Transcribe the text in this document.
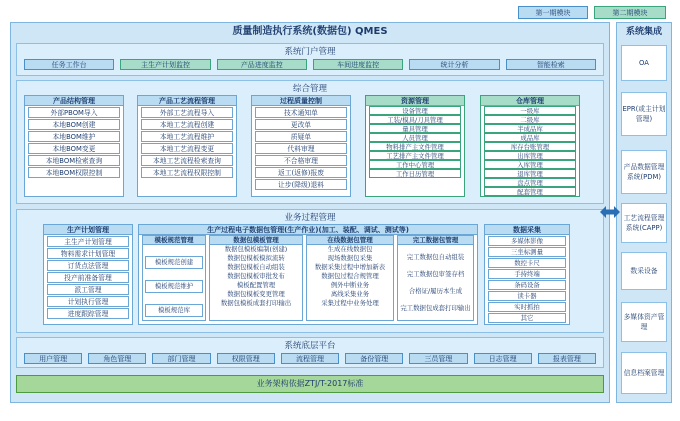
第一期模块	第二期模块
质量制造执行系统(数据包) QMES
系统门户管理
任务工作台	主生产计划监控	产品进度监控	车间进度监控	统计分析	智能检索
综合管理
产品结构管理
外部PBOM导入
本地BOM创建
本地BOM维护
本地BOM变更
本地BOM检索查询
本地BOM权限控制
产品工艺流程管理
外部工艺流程导入
本地工艺流程创建
本地工艺流程维护
本地工艺流程变更
本地工艺流程检索查询
本地工艺流程权限控制
过程质量控制
技术通知单
更改单
质疑单
代料审理
不合格审理
返工(返修)报废
让步(降级)退料
资源管理
设备管理
工装/模具/刀具管理
量具管理
人员管理
物料排产主文件管理
工艺排产主文件管理
工作中心管理
工作日历管理
仓库管理
一级库
二级库
半成品库
成品库
库存台账管理
出库管理
入库管理
退库管理
盘点管理
配套管理
业务过程管理
生产计划管理
主生产计划管理
物料需求计划管理
订货点法管理
投产前准备管理
派工管理
计划执行管理
进度跟踪管理
生产过程电子数据包管理(生产作业)(加工、装配、调试、测试等)
模板规范管理
模板规范创建
模板规范维护
模板规范库
数据包模板管理
数据包模板编制(创建)
数据包模板模拟流转
数据包模板自动组装
数据包模板审批发布
模板配置管理
数据包模板变更管理
数据包模板成套打印输出
在线数据包管理
生成在线数据包
现场数据包采集
数据采集过程中增加新表
数据包过程合规管理
例外中断业务
离线采集业务
采集过程中业务处理
完工数据包管理
完工数据包自动组装
完工数据包审签存档
合格证/履历本生成
完工数据包成套打印输出
数据采集
多媒体影像
三坐标测量
数控卡尺
手持终端
条码设备
读卡器
实时抓拍
其它
系统底层平台
用户管理	角色管理	部门管理	权限管理	流程管理	备份管理	三员管理	日志管理	报表管理
业务架构依据ZTJ/T-2017标准
系统集成
OA
EPR(或主计划管理)
产品数据管理系统(PDM)
工艺流程管理系统(CAPP)
数采设备
多媒体资产管理
信息档案管理
